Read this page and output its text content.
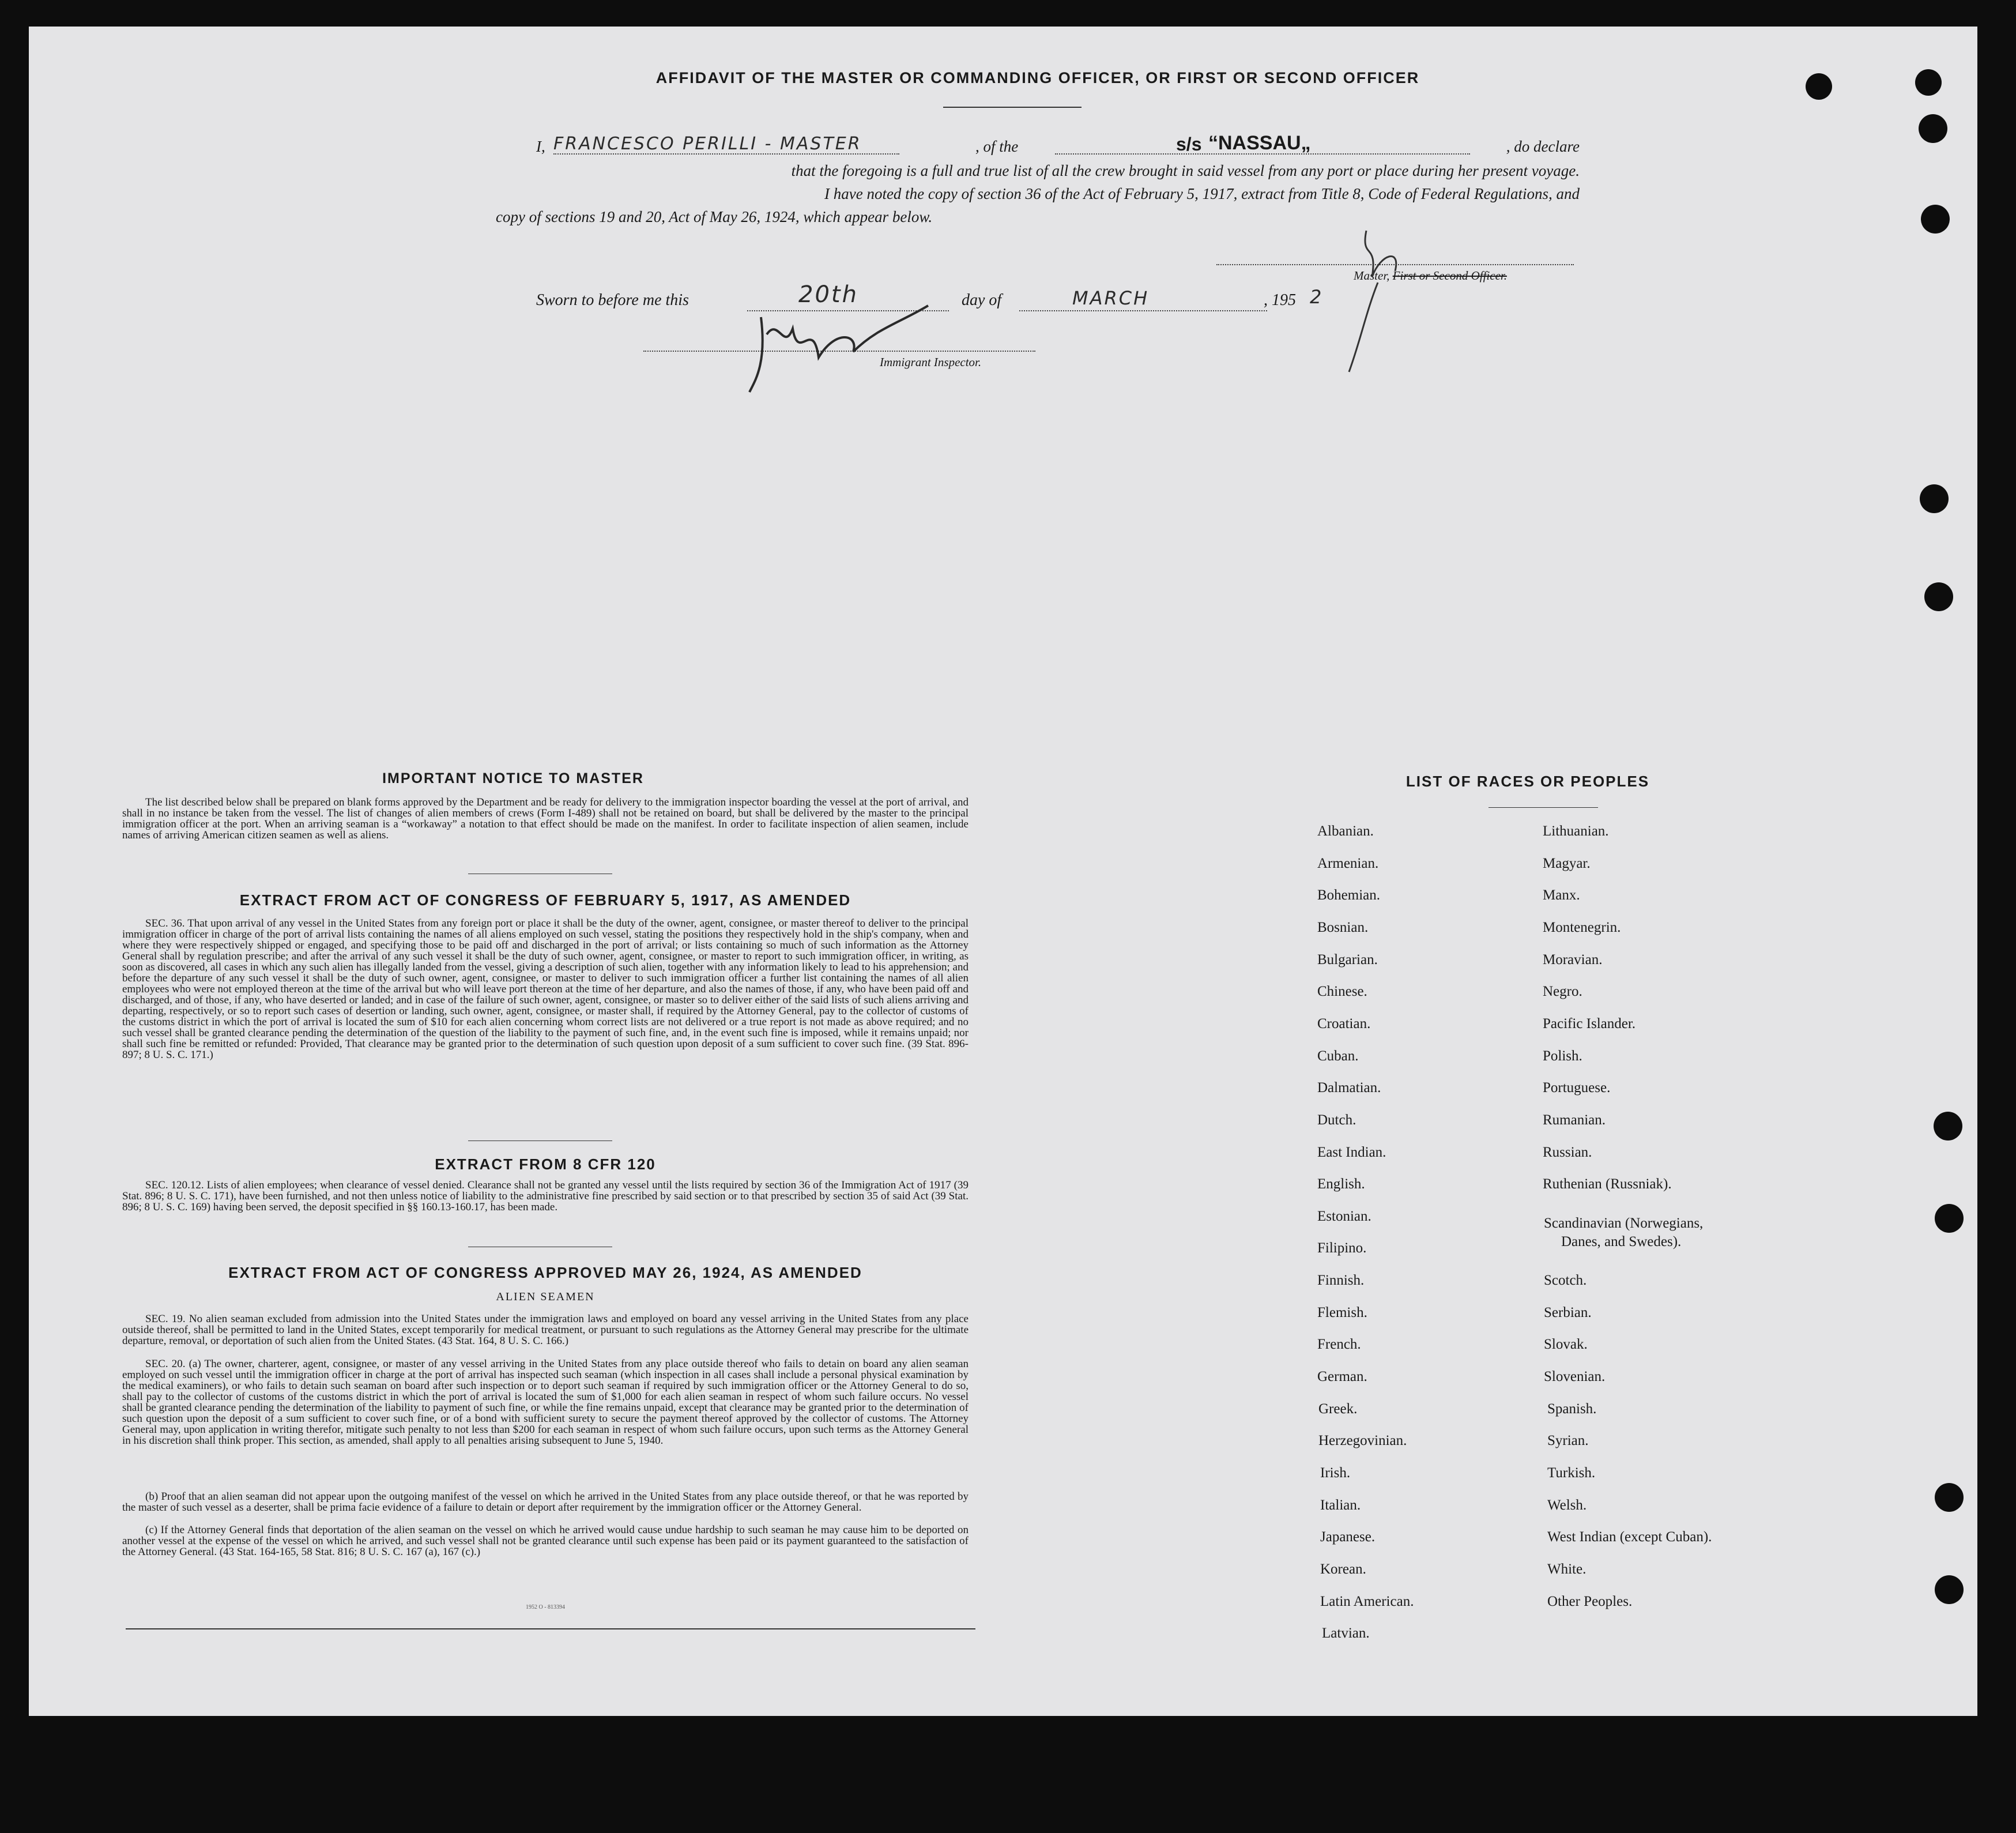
AFFIDAVIT OF THE MASTER OR COMMANDING OFFICER, OR FIRST OR SECOND OFFICER
I, FRANCESCO PERILLI - MASTER	, of the	s/s “NASSAU„	, do declare
that the foregoing is a full and true list of all the crew brought in said vessel from any port or place during her present voyage.
I have noted the copy of section 36 of the Act of February 5, 1917, extract from Title 8, Code of Federal Regulations, and
copy of sections 19 and 20, Act of May 26, 1924, which appear below.
Master, First or Second Officer.
Sworn to before me this	20th	day of	MARCH	, 195 2
Immigrant Inspector.
IMPORTANT NOTICE TO MASTER
The list described below shall be prepared on blank forms approved by the Department and be ready for delivery to the immigration inspector boarding the vessel at the port of arrival, and shall in no instance be taken from the vessel. The list of changes of alien members of crews (Form I-489) shall not be retained on board, but shall be delivered by the master to the principal immigration officer at the port. When an arriving seaman is a “workaway” a notation to that effect should be made on the manifest. In order to facilitate inspection of alien seamen, include names of arriving American citizen seamen as well as aliens.
EXTRACT FROM ACT OF CONGRESS OF FEBRUARY 5, 1917, AS AMENDED
SEC. 36. That upon arrival of any vessel in the United States from any foreign port or place it shall be the duty of the owner, agent, consignee, or master thereof to deliver to the principal immigration officer in charge of the port of arrival lists containing the names of all aliens employed on such vessel, stating the positions they respectively hold in the ship's company, when and where they were respectively shipped or engaged, and specifying those to be paid off and discharged in the port of arrival; or lists containing so much of such information as the Attorney General shall by regulation prescribe; and after the arrival of any such vessel it shall be the duty of such owner, agent, consignee, or master to report to such immigration officer, in writing, as soon as discovered, all cases in which any such alien has illegally landed from the vessel, giving a description of such alien, together with any information likely to lead to his apprehension; and before the departure of any such vessel it shall be the duty of such owner, agent, consignee, or master to deliver to such immigration officer a further list containing the names of all alien employees who were not employed thereon at the time of the arrival but who will leave port thereon at the time of her departure, and also the names of those, if any, who have been paid off and discharged, and of those, if any, who have deserted or landed; and in case of the failure of such owner, agent, consignee, or master so to deliver either of the said lists of such aliens arriving and departing, respectively, or so to report such cases of desertion or landing, such owner, agent, consignee, or master shall, if required by the Attorney General, pay to the collector of customs of the customs district in which the port of arrival is located the sum of $10 for each alien concerning whom correct lists are not delivered or a true report is not made as above required; and no such vessel shall be granted clearance pending the determination of the question of the liability to the payment of such fine, and, in the event such fine is imposed, while it remains unpaid; nor shall such fine be remitted or refunded: Provided, That clearance may be granted prior to the determination of such question upon deposit of a sum sufficient to cover such fine. (39 Stat. 896-897; 8 U. S. C. 171.)
EXTRACT FROM 8 CFR 120
SEC. 120.12. Lists of alien employees; when clearance of vessel denied. Clearance shall not be granted any vessel until the lists required by section 36 of the Immigration Act of 1917 (39 Stat. 896; 8 U. S. C. 171), have been furnished, and not then unless notice of liability to the administrative fine prescribed by said section or to that prescribed by section 35 of said Act (39 Stat. 896; 8 U. S. C. 169) having been served, the deposit specified in §§ 160.13-160.17, has been made.
EXTRACT FROM ACT OF CONGRESS APPROVED MAY 26, 1924, AS AMENDED
ALIEN SEAMEN
SEC. 19. No alien seaman excluded from admission into the United States under the immigration laws and employed on board any vessel arriving in the United States from any place outside thereof, shall be permitted to land in the United States, except temporarily for medical treatment, or pursuant to such regulations as the Attorney General may prescribe for the ultimate departure, removal, or deportation of such alien from the United States. (43 Stat. 164, 8 U. S. C. 166.)
SEC. 20. (a) The owner, charterer, agent, consignee, or master of any vessel arriving in the United States from any place outside thereof who fails to detain on board any alien seaman employed on such vessel until the immigration officer in charge at the port of arrival has inspected such seaman (which inspection in all cases shall include a personal physical examination by the medical examiners), or who fails to detain such seaman on board after such inspection or to deport such seaman if required by such immigration officer or the Attorney General to do so, shall pay to the collector of customs of the customs district in which the port of arrival is located the sum of $1,000 for each alien seaman in respect of whom such failure occurs. No vessel shall be granted clearance pending the determination of the liability to payment of such fine, or while the fine remains unpaid, except that clearance may be granted prior to the determination of such question upon the deposit of a sum sufficient to cover such fine, or of a bond with sufficient surety to secure the payment thereof approved by the collector of customs. The Attorney General may, upon application in writing therefor, mitigate such penalty to not less than $200 for each seaman in respect of whom such failure occurs, upon such terms as the Attorney General in his discretion shall think proper. This section, as amended, shall apply to all penalties arising subsequent to June 5, 1940.
(b) Proof that an alien seaman did not appear upon the outgoing manifest of the vessel on which he arrived in the United States from any place outside thereof, or that he was reported by the master of such vessel as a deserter, shall be prima facie evidence of a failure to detain or deport after requirement by the immigration officer or the Attorney General.
(c) If the Attorney General finds that deportation of the alien seaman on the vessel on which he arrived would cause undue hardship to such seaman he may cause him to be deported on another vessel at the expense of the vessel on which he arrived, and such vessel shall not be granted clearance until such expense has been paid or its payment guaranteed to the satisfaction of the Attorney General. (43 Stat. 164-165, 58 Stat. 816; 8 U. S. C. 167 (a), 167 (c).)
1952 O - 813394
LIST OF RACES OR PEOPLES
Albanian.
Armenian.
Bohemian.
Bosnian.
Bulgarian.
Chinese.
Croatian.
Cuban.
Dalmatian.
Dutch.
East Indian.
English.
Estonian.
Filipino.
Finnish.
Flemish.
French.
German.
Greek.
Herzegovinian.
Irish.
Italian.
Japanese.
Korean.
Latin American.
Latvian.
Lithuanian.
Magyar.
Manx.
Montenegrin.
Moravian.
Negro.
Pacific Islander.
Polish.
Portuguese.
Rumanian.
Russian.
Ruthenian (Russniak).
Scandinavian (Norwegians,
Danes, and Swedes).
Scotch.
Serbian.
Slovak.
Slovenian.
Spanish.
Syrian.
Turkish.
Welsh.
West Indian (except Cuban).
White.
Other Peoples.
